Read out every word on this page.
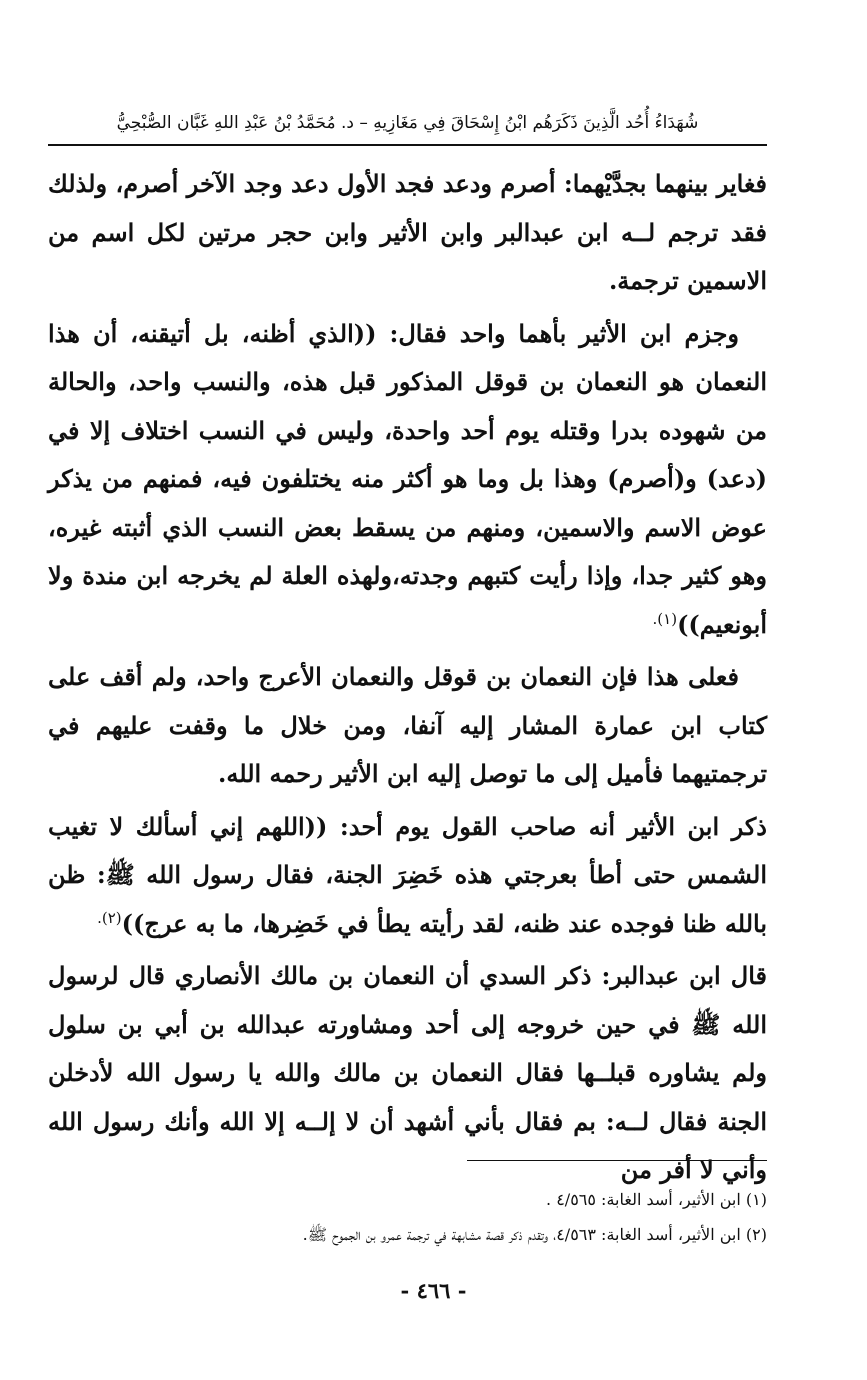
شُهَدَاءُ أُحُد الَّذِينَ ذَكَرَهُم ابْنُ إِسْحَاقَ فِي مَغَازِيهِ – د. مُحَمَّدُ بْنُ عَبْدِ اللهِ غَبَّان الصُّبْحِيُّ

فغاير بينهما بجدَّيْهما: أصرم ودعد فجد الأول دعد وجد الآخر أصرم، ولذلك فقد ترجم لــه ابن عبدالبر وابن الأثير وابن حجر مرتين لكل اسم من الاسمين ترجمة.

وجزم ابن الأثير بأهما واحد فقال: ((الذي أظنه، بل أتيقنه، أن هذا النعمان هو النعمان بن قوقل المذكور قبل هذه، والنسب واحد، والحالة من شهوده بدرا وقتله يوم أحد واحدة، وليس في النسب اختلاف إلا في (دعد) و(أصرم) وهذا بل وما هو أكثر منه يختلفون فيه، فمنهم من يذكر عوض الاسم والاسمين، ومنهم من يسقط بعض النسب الذي أثبته غيره، وهو كثير جدا، وإذا رأيت كتبهم وجدته،ولهذه العلة لم يخرجه ابن مندة ولا أبونعيم))$^{(١).}$

فعلى هذا فإن النعمان بن قوقل والنعمان الأعرج واحد، ولم أقف على كتاب ابن عمارة المشار إليه آنفا، ومن خلال ما وقفت عليهم في ترجمتيهما فأميل إلى ما توصل إليه ابن الأثير رحمه الله.

ذكر ابن الأثير أنه صاحب القول يوم أحد: ((اللهم إني أسألك لا تغيب الشمس حتى أطأ بعرجتي هذه خَضِرَ الجنة، فقال رسول الله ﷺ: ظن بالله ظنا فوجده عند ظنه، لقد رأيته يطأ في خَضِرها، ما به عرج))$^{(٢).}$

قال ابن عبدالبر: ذكر السدي أن النعمان بن مالك الأنصاري قال لرسول الله ﷺ في حين خروجه إلى أحد ومشاورته عبدالله بن أبي بن سلول ولم يشاوره قبلــها فقال النعمان بن مالك والله يا رسول الله لأدخلن الجنة فقال لــه: بم فقال بأني أشهد أن لا إلــه إلا الله وأنك رسول الله وأني لا أفر من

(١) ابن الأثير، أسد الغابة: ٤/٥٦٥ .

(٢) ابن الأثير، أسد الغابة: ٤/٥٦٣، وتقدم ذكر قصة مشابهة في ترجمة عمرو بن الجموح ﷺ.

- ٤٦٦ -
